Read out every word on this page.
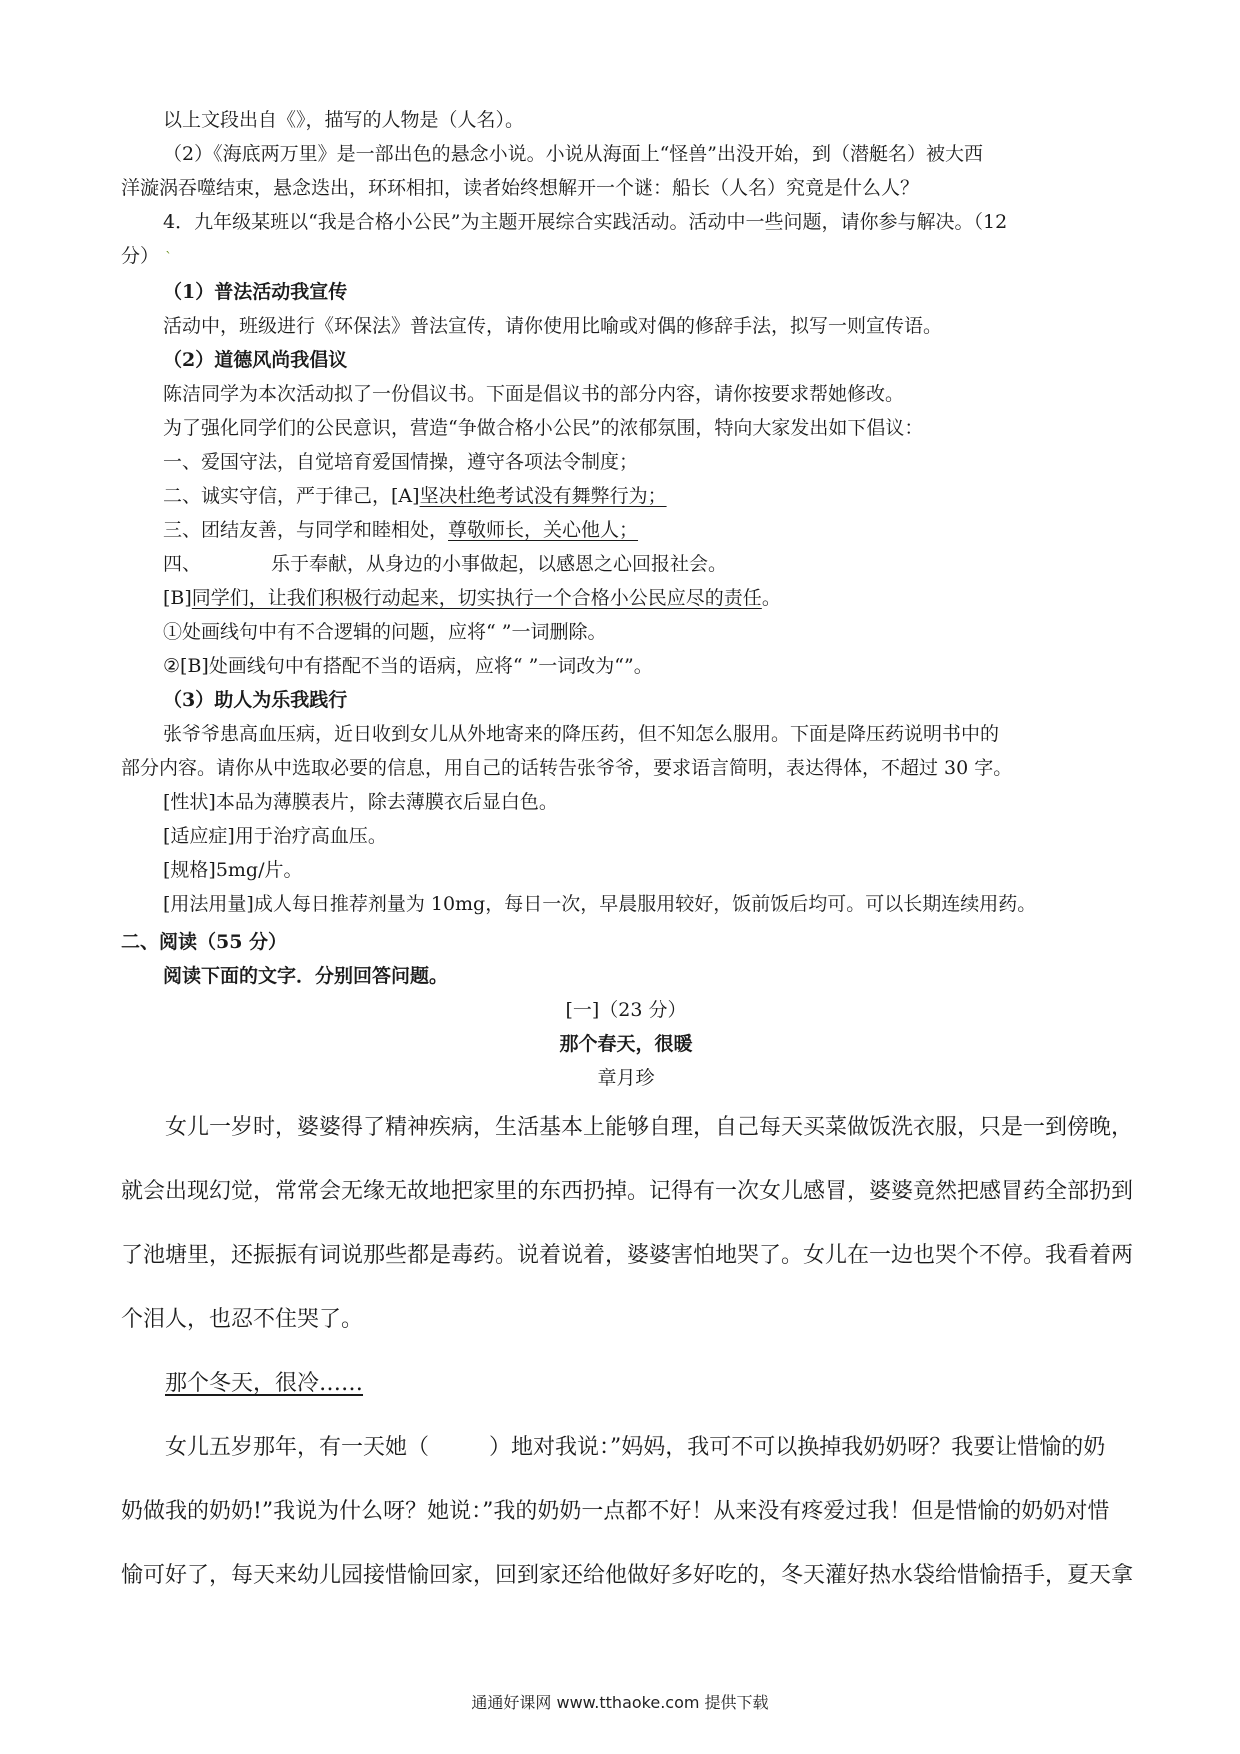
以上文段出自《》，描写的人物是（人名）。
（2）《海底两万里》是一部出色的悬念小说。小说从海面上“怪兽”出没开始，到（潜艇名）被大西
洋漩涡吞噬结束，悬念迭出，环环相扣，读者始终想解开一个谜：船长（人名）究竟是什么人？
4．九年级某班以“我是合格小公民”为主题开展综合实践活动。活动中一些问题，请你参与解决。（12
分） `
（1）普法活动我宣传
活动中，班级进行《环保法》普法宣传，请你使用比喻或对偶的修辞手法，拟写一则宣传语。
（2）道德风尚我倡议
陈洁同学为本次活动拟了一份倡议书。下面是倡议书的部分内容，请你按要求帮她修改。
为了强化同学们的公民意识，营造“争做合格小公民”的浓郁氛围，特向大家发出如下倡议：
一、爱国守法，自觉培育爱国情操，遵守各项法令制度；
二、诚实守信，严于律己，[A]坚决杜绝考试没有舞弊行为；
三、团结友善，与同学和睦相处，尊敬师长，关心他人；
四、	乐于奉献，从身边的小事做起，以感恩之心回报社会。
[B]同学们，让我们积极行动起来，切实执行一个合格小公民应尽的责任。
①处画线句中有不合逻辑的问题，应将“ ”一词删除。
②[B]处画线句中有搭配不当的语病，应将“ ”一词改为“”。
（3）助人为乐我践行
张爷爷患高血压病，近日收到女儿从外地寄来的降压药，但不知怎么服用。下面是降压药说明书中的
部分内容。请你从中选取必要的信息，用自己的话转告张爷爷，要求语言简明，表达得体，不超过 30 字。
[性状]本品为薄膜表片，除去薄膜衣后显白色。
[适应症]用于治疗高血压。
[规格]5mg/片。
[用法用量]成人每日推荐剂量为 10mg，每日一次，早晨服用较好，饭前饭后均可。可以长期连续用药。
二、阅读（55 分）
阅读下面的文字．分别回答问题。
[一]（23 分）
那个春天，很暖
章月珍
女儿一岁时，婆婆得了精神疾病，生活基本上能够自理，自己每天买菜做饭洗衣服，只是一到傍晚，
就会出现幻觉，常常会无缘无故地把家里的东西扔掉。记得有一次女儿感冒，婆婆竟然把感冒药全部扔到
了池塘里，还振振有词说那些都是毒药。说着说着，婆婆害怕地哭了。女儿在一边也哭个不停。我看着两
个泪人，也忍不住哭了。
那个冬天，很冷……
女儿五岁那年，有一天她（	）地对我说：”妈妈，我可不可以换掉我奶奶呀？我要让惜愉的奶
奶做我的奶奶!”我说为什么呀？她说：”我的奶奶一点都不好！从来没有疼爱过我！但是惜愉的奶奶对惜
愉可好了，每天来幼儿园接惜愉回家，回到家还给他做好多好吃的，冬天灌好热水袋给惜愉捂手，夏天拿
通通好课网 www.tthaoke.com 提供下载
